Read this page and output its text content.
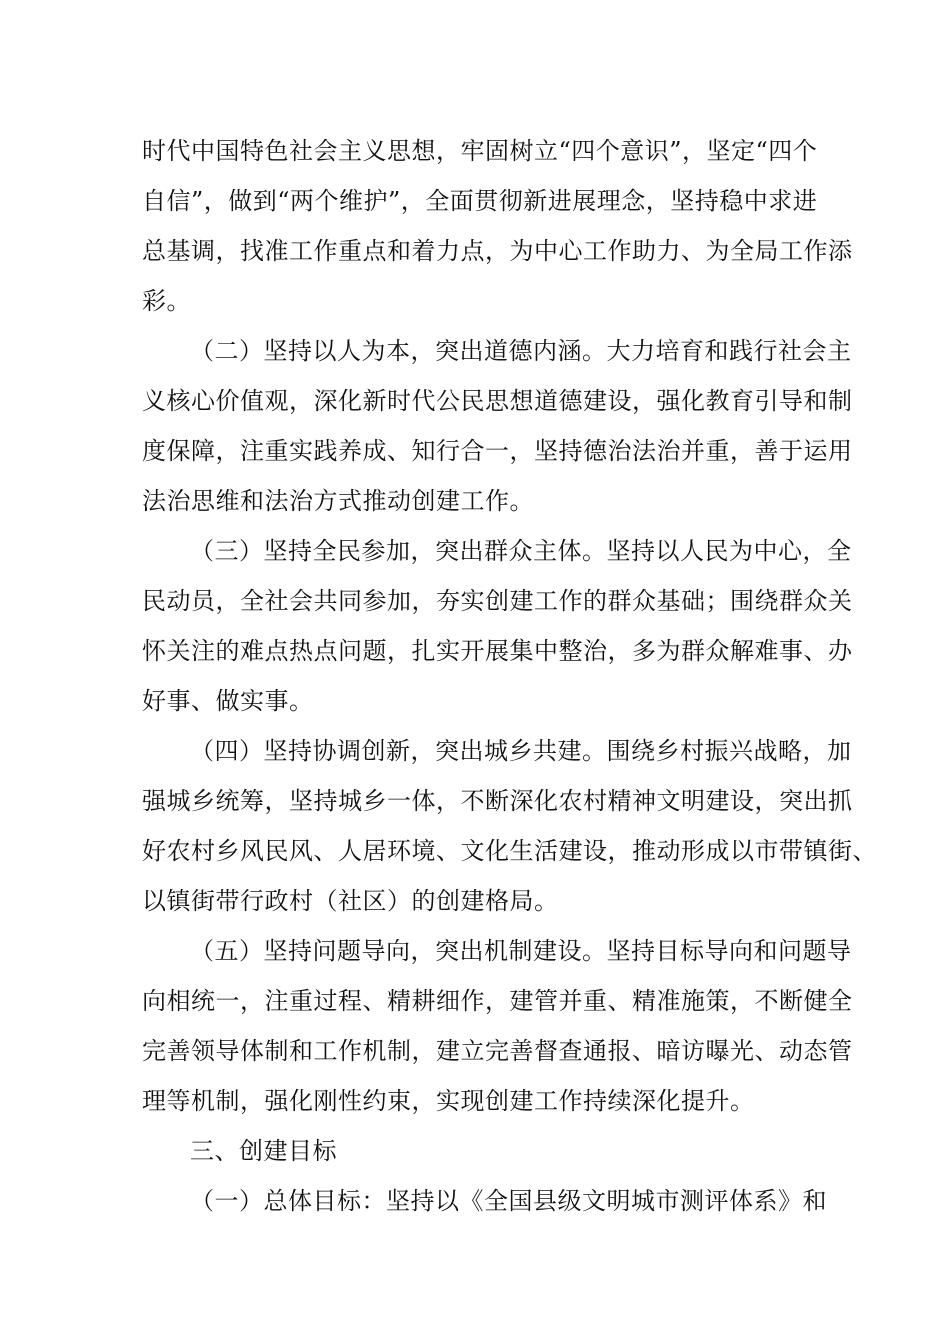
时代中国特色社会主义思想，牢固树立“四个意识”，坚定“四个
自信”，做到“两个维护”，全面贯彻新进展理念，坚持稳中求进
总基调，找准工作重点和着力点，为中心工作助力、为全局工作添
彩。
（二）坚持以人为本，突出道德内涵。大力培育和践行社会主
义核心价值观，深化新时代公民思想道德建设，强化教育引导和制
度保障，注重实践养成、知行合一，坚持德治法治并重，善于运用
法治思维和法治方式推动创建工作。
（三）坚持全民参加，突出群众主体。坚持以人民为中心，全
民动员，全社会共同参加，夯实创建工作的群众基础；围绕群众关
怀关注的难点热点问题，扎实开展集中整治，多为群众解难事、办
好事、做实事。
（四）坚持协调创新，突出城乡共建。围绕乡村振兴战略，加
强城乡统筹，坚持城乡一体，不断深化农村精神文明建设，突出抓
好农村乡风民风、人居环境、文化生活建设，推动形成以市带镇街、
以镇街带行政村（社区）的创建格局。
（五）坚持问题导向，突出机制建设。坚持目标导向和问题导
向相统一，注重过程、精耕细作，建管并重、精准施策，不断健全
完善领导体制和工作机制，建立完善督查通报、暗访曝光、动态管
理等机制，强化刚性约束，实现创建工作持续深化提升。
三、创建目标
（一）总体目标：坚持以《全国县级文明城市测评体系》和
